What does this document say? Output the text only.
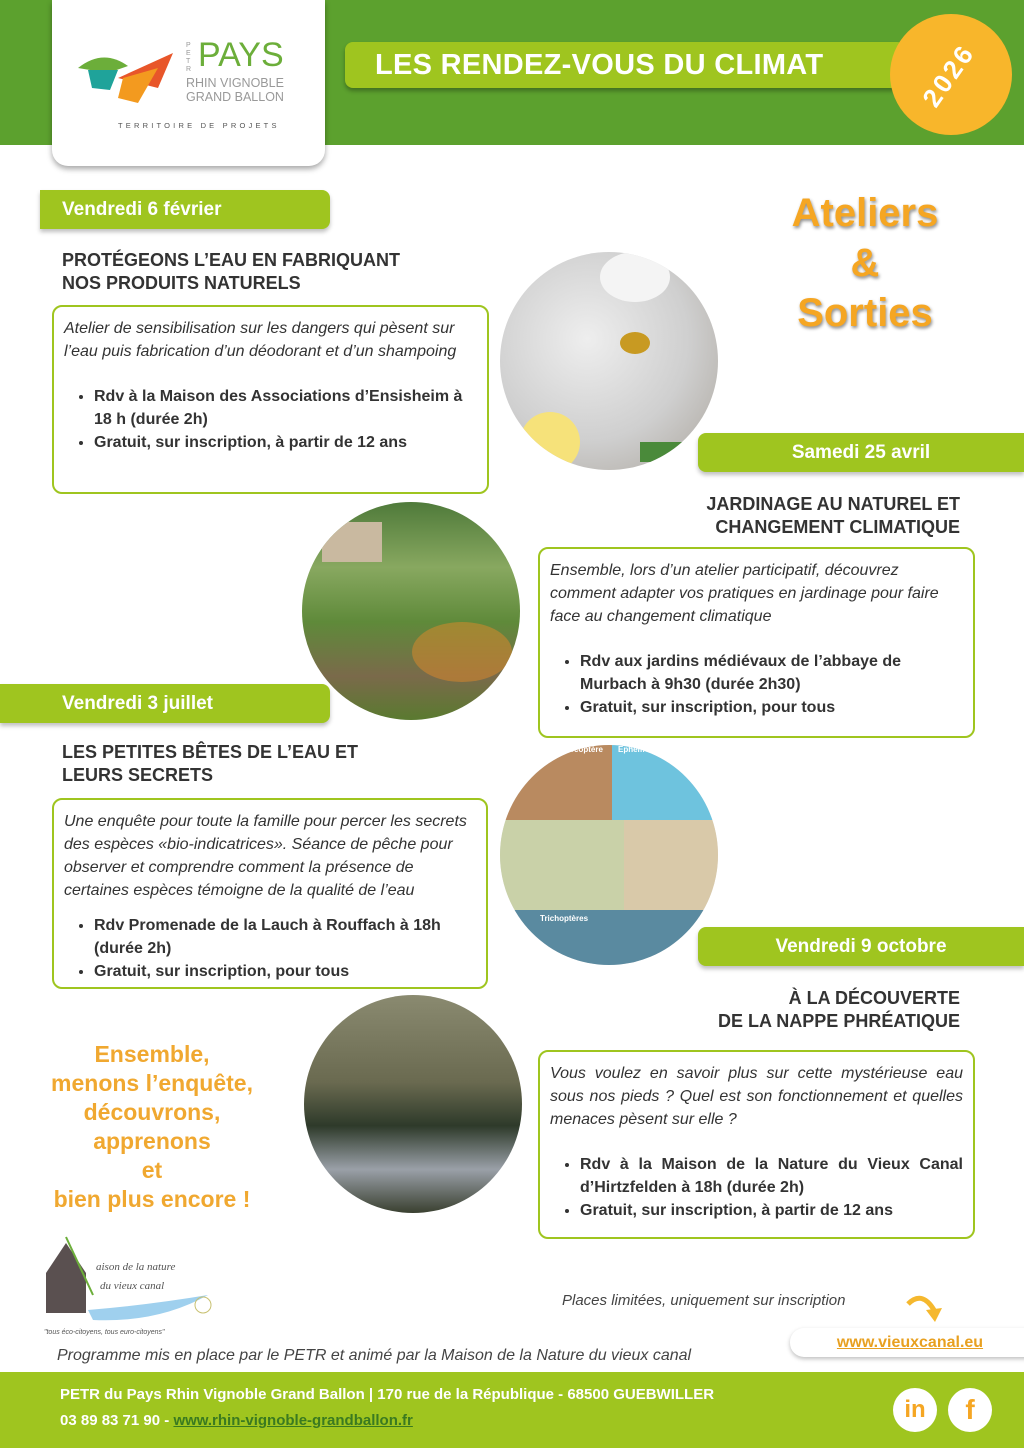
PETR PAYS
RHIN VIGNOBLE
GRAND BALLON
TERRITOIRE DE PROJETS
LES RENDEZ-VOUS DU CLIMAT	2026
Ateliers
&
Sorties
Vendredi 6 février
PROTÉGEONS L’EAU EN FABRIQUANT
NOS PRODUITS NATURELS

Atelier de sensibilisation sur les dangers qui pèsent sur l’eau puis fabrication d’un déodorant et d’un shampoing

• Rdv à la Maison des Associations d’Ensisheim à 18 h (durée 2h)
• Gratuit, sur inscription, à partir de 12 ans	Samedi 25 avril
JARDINAGE AU NATUREL ET
CHANGEMENT CLIMATIQUE

Ensemble, lors d’un atelier participatif, découvrez comment adapter vos pratiques en jardinage pour faire face au changement climatique

• Rdv aux jardins médiévaux de l’abbaye de Murbach à 9h30 (durée 2h30)
• Gratuit, sur inscription, pour tous
Vendredi 3 juillet
LES PETITES BÊTES DE L’EAU ET
LEURS SECRETS

Une enquête pour toute la famille pour percer les secrets des espèces «bio-indicatrices». Séance de pêche pour observer et comprendre comment la présence de certaines espèces témoigne de la qualité de l’eau

• Rdv Promenade de la Lauch à Rouffach à 18h (durée 2h)
• Gratuit, sur inscription, pour tous
Plécoptère Ephémère
Trichoptères
Vendredi 9 octobre
À LA DÉCOUVERTE
DE LA NAPPE PHRÉATIQUE

Vous voulez en savoir plus sur cette mystérieuse eau sous nos pieds ? Quel est son fonctionnement et quelles menaces pèsent sur elle ?

• Rdv à la Maison de la Nature du Vieux Canal d’Hirtzfelden à 18h (durée 2h)
• Gratuit, sur inscription, à partir de 12 ans
Ensemble,
menons l’enquête,
découvrons,
apprenons
et
bien plus encore !
aison de la nature
du vieux canal
"tous éco-citoyens, tous euro-citoyens"
Places limitées, uniquement sur inscription
www.vieuxcanal.eu
Programme mis en place par le PETR et animé par la Maison de la Nature du vieux canal
PETR du Pays Rhin Vignoble Grand Ballon | 170 rue de la République - 68500 GUEBWILLER
03 89 83 71 90 - www.rhin-vignoble-grandballon.fr	in	f
